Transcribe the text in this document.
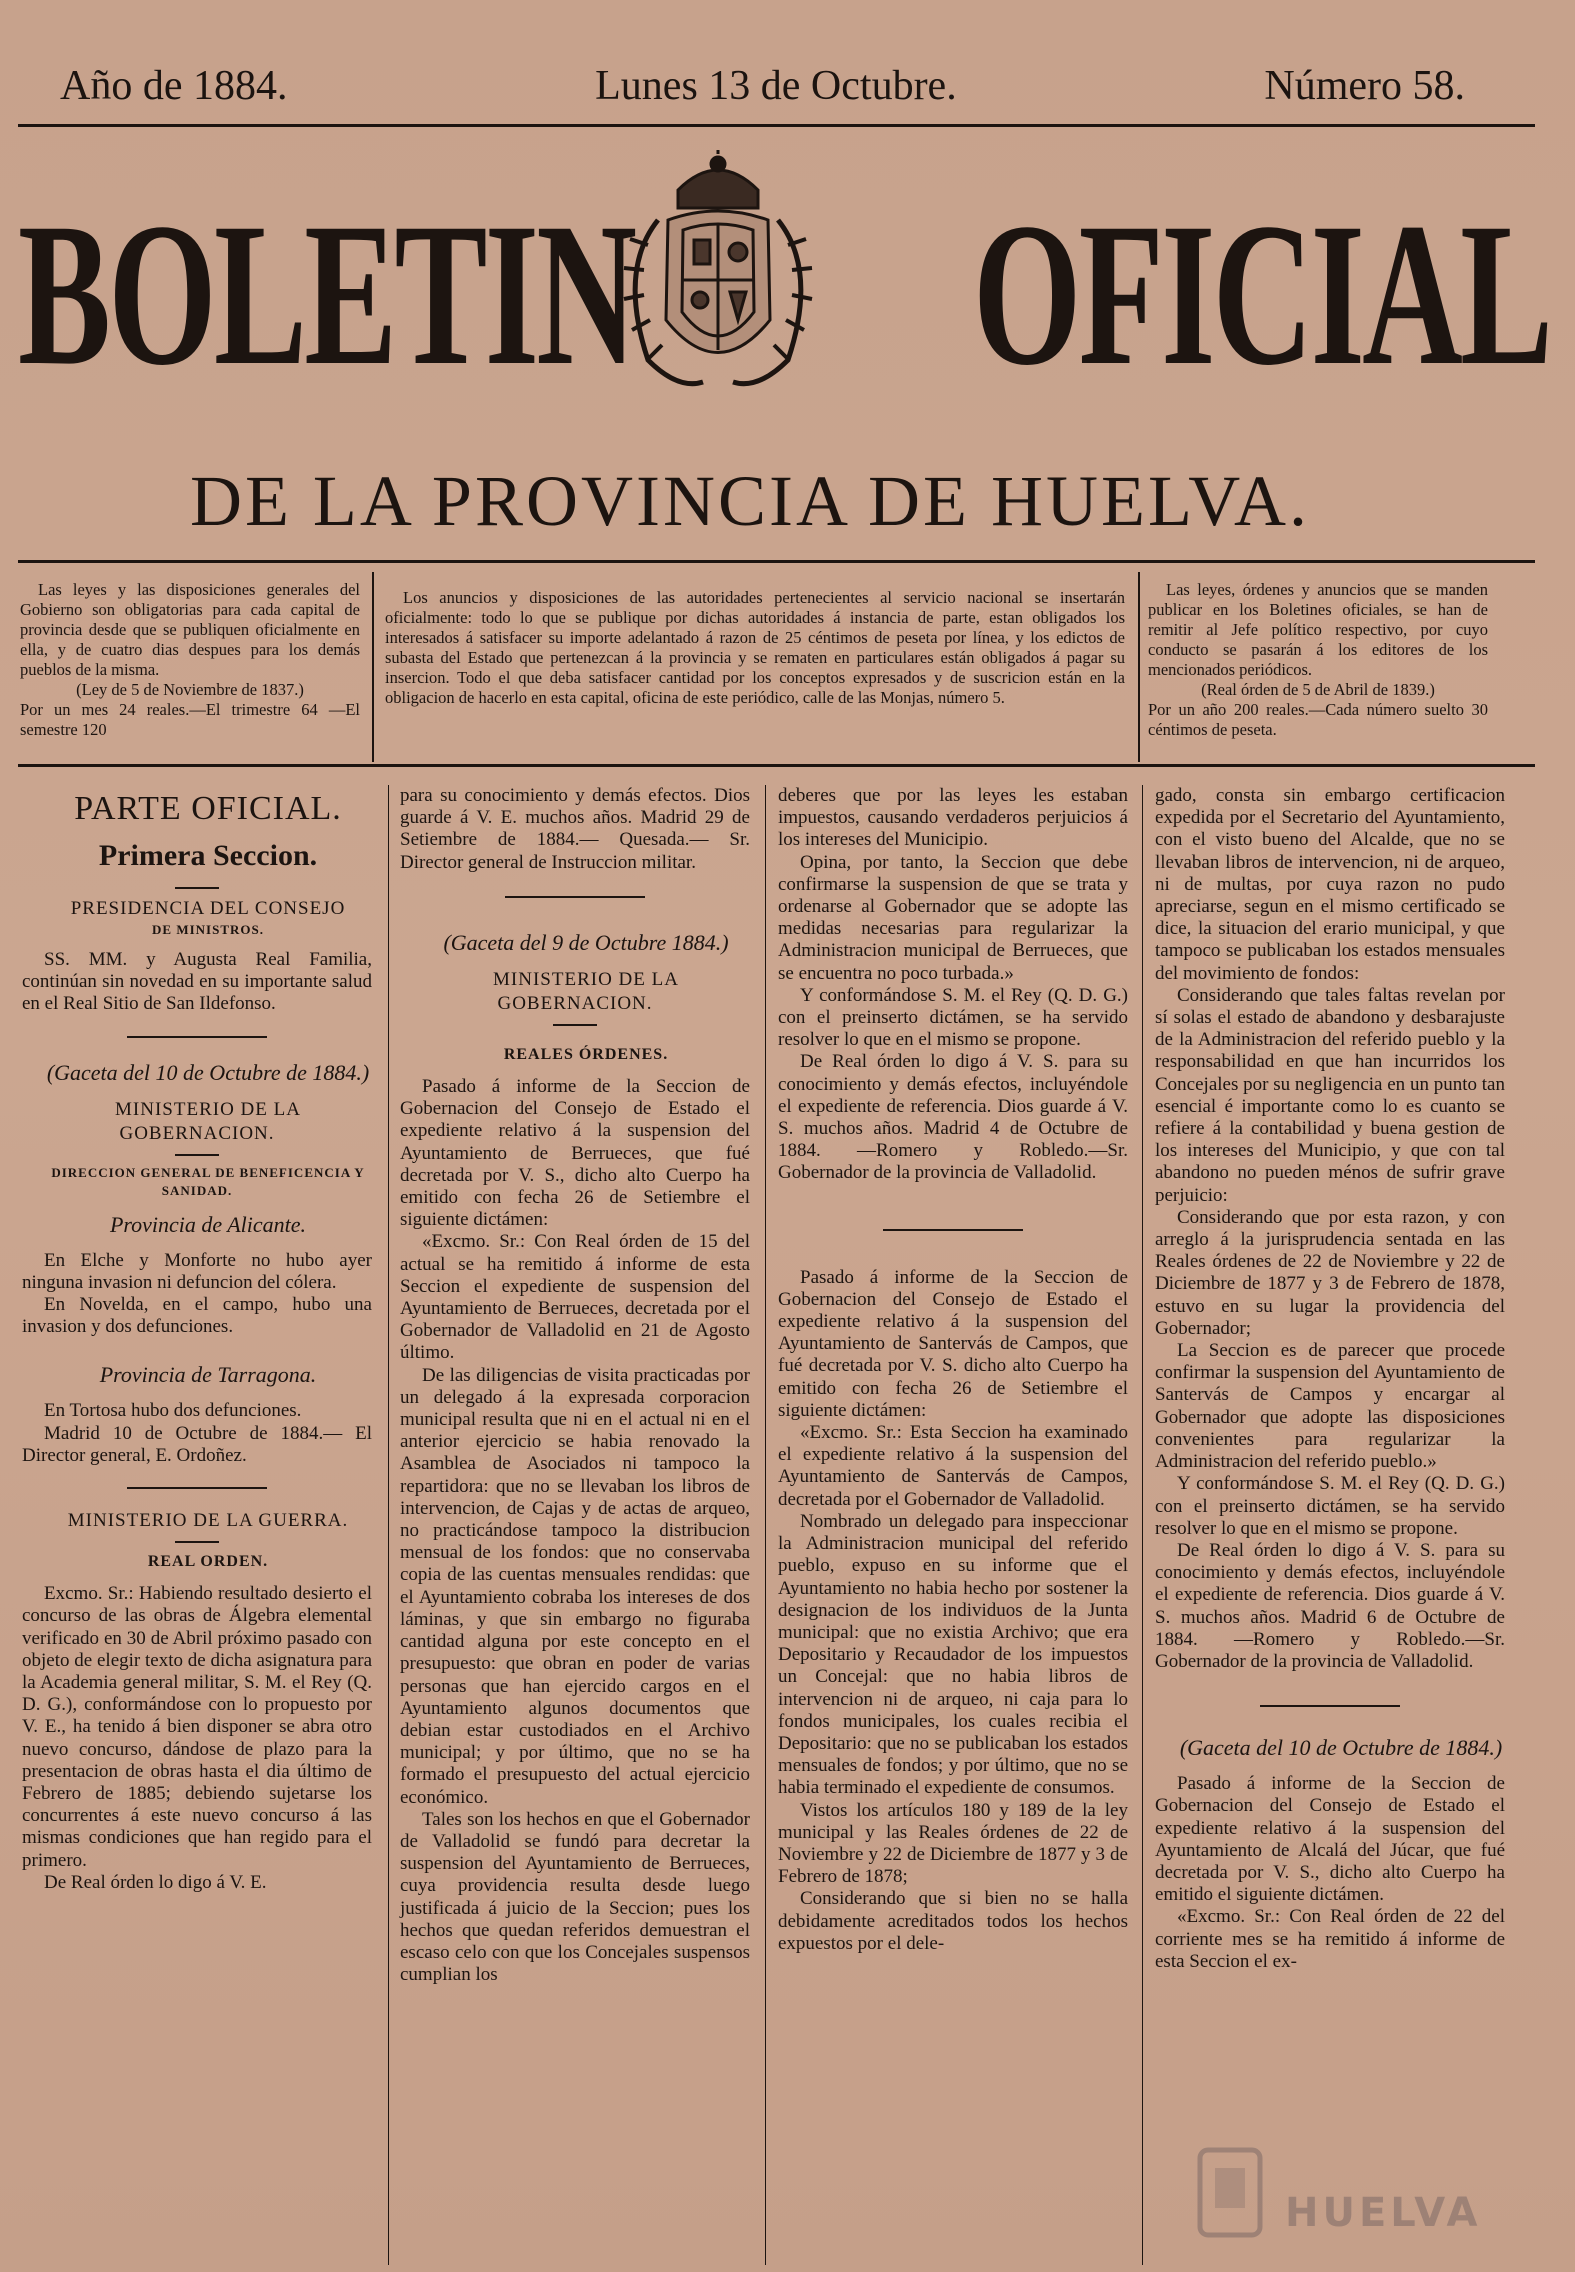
Año de 1884.	Lunes 13 de Octubre.	Número 58.
BOLETIN OFICIAL
DE LA PROVINCIA DE HUELVA.

Las leyes y las disposiciones generales del Gobierno son obligatorias para cada capital de provincia desde que se publiquen oficialmente en ella, y de cuatro dias despues para los demás pueblos de la misma.

(Ley de 5 de Noviembre de 1837.)

Por un mes 24 reales.—El trimestre 64 —El semestre 120

Los anuncios y disposiciones de las autoridades pertenecientes al servicio nacional se insertarán oficialmente: todo lo que se publique por dichas autoridades á instancia de parte, estan obligados los interesados á satisfacer su importe adelantado á razon de 25 céntimos de peseta por línea, y los edictos de subasta del Estado que pertenezcan á la provincia y se rematen en particulares están obligados á pagar su insercion. Todo el que deba satisfacer cantidad por los conceptos expresados y de suscricion están en la obligacion de hacerlo en esta capital, oficina de este periódico, calle de las Monjas, número 5.

Las leyes, órdenes y anuncios que se manden publicar en los Boletines oficiales, se han de remitir al Jefe político respectivo, por cuyo conducto se pasarán á los editores de los mencionados periódicos.

(Real órden de 5 de Abril de 1839.)

Por un año 200 reales.—Cada número suelto 30 céntimos de peseta.

PARTE OFICIAL.

Primera Seccion.

PRESIDENCIA DEL CONSEJO

DE MINISTROS.

SS. MM. y Augusta Real Familia, continúan sin novedad en su importante salud en el Real Sitio de San Ildefonso.

(Gaceta del 10 de Octubre de 1884.)

MINISTERIO DE LA GOBERNACION.

DIRECCION GENERAL DE BENEFICENCIA Y SANIDAD.

Provincia de Alicante.

En Elche y Monforte no hubo ayer ninguna invasion ni defuncion del cólera.

En Novelda, en el campo, hubo una invasion y dos defunciones.

Provincia de Tarragona.

En Tortosa hubo dos defunciones.

Madrid 10 de Octubre de 1884.— El Director general, E. Ordoñez.

MINISTERIO DE LA GUERRA.

REAL ORDEN.

Excmo. Sr.: Habiendo resultado desierto el concurso de las obras de Álgebra elemental verificado en 30 de Abril próximo pasado con objeto de elegir texto de dicha asignatura para la Academia general militar, S. M. el Rey (Q. D. G.), conformándose con lo propuesto por V. E., ha tenido á bien disponer se abra otro nuevo concurso, dándose de plazo para la presentacion de obras hasta el dia último de Febrero de 1885; debiendo sujetarse los concurrentes á este nuevo concurso á las mismas condiciones que han regido para el primero.

De Real órden lo digo á V. E.

para su conocimiento y demás efectos. Dios guarde á V. E. muchos años. Madrid 29 de Setiembre de 1884.— Quesada.— Sr. Director general de Instruccion militar.

(Gaceta del 9 de Octubre 1884.)

MINISTERIO DE LA GOBERNACION.

REALES ÓRDENES.

Pasado á informe de la Seccion de Gobernacion del Consejo de Estado el expediente relativo á la suspension del Ayuntamiento de Berrueces, que fué decretada por V. S., dicho alto Cuerpo ha emitido con fecha 26 de Setiembre el siguiente dictámen:

«Excmo. Sr.: Con Real órden de 15 del actual se ha remitido á informe de esta Seccion el expediente de suspension del Ayuntamiento de Berrueces, decretada por el Gobernador de Valladolid en 21 de Agosto último.

De las diligencias de visita practicadas por un delegado á la expresada corporacion municipal resulta que ni en el actual ni en el anterior ejercicio se habia renovado la Asamblea de Asociados ni tampoco la repartidora: que no se llevaban los libros de intervencion, de Cajas y de actas de arqueo, no practicándose tampoco la distribucion mensual de los fondos: que no conservaba copia de las cuentas mensuales rendidas: que el Ayuntamiento cobraba los intereses de dos láminas, y que sin embargo no figuraba cantidad alguna por este concepto en el presupuesto: que obran en poder de varias personas que han ejercido cargos en el Ayuntamiento algunos documentos que debian estar custodiados en el Archivo municipal; y por último, que no se ha formado el presupuesto del actual ejercicio económico.

Tales son los hechos en que el Gobernador de Valladolid se fundó para decretar la suspension del Ayuntamiento de Berrueces, cuya providencia resulta desde luego justificada á juicio de la Seccion; pues los hechos que quedan referidos demuestran el escaso celo con que los Concejales suspensos cumplian los

deberes que por las leyes les estaban impuestos, causando verdaderos perjuicios á los intereses del Municipio.

Opina, por tanto, la Seccion que debe confirmarse la suspension de que se trata y ordenarse al Gobernador que se adopte las medidas necesarias para regularizar la Administracion municipal de Berrueces, que se encuentra no poco turbada.»

Y conformándose S. M. el Rey (Q. D. G.) con el preinserto dictámen, se ha servido resolver lo que en el mismo se propone.

De Real órden lo digo á V. S. para su conocimiento y demás efectos, incluyéndole el expediente de referencia. Dios guarde á V. S. muchos años. Madrid 4 de Octubre de 1884. —Romero y Robledo.—Sr. Gobernador de la provincia de Valladolid.

Pasado á informe de la Seccion de Gobernacion del Consejo de Estado el expediente relativo á la suspension del Ayuntamiento de Santervás de Campos, que fué decretada por V. S. dicho alto Cuerpo ha emitido con fecha 26 de Setiembre el siguiente dictámen:

«Excmo. Sr.: Esta Seccion ha examinado el expediente relativo á la suspension del Ayuntamiento de Santervás de Campos, decretada por el Gobernador de Valladolid.

Nombrado un delegado para inspeccionar la Administracion municipal del referido pueblo, expuso en su informe que el Ayuntamiento no habia hecho por sostener la designacion de los individuos de la Junta municipal: que no existia Archivo; que era Depositario y Recaudador de los impuestos un Concejal: que no habia libros de intervencion ni de arqueo, ni caja para lo fondos municipales, los cuales recibia el Depositario: que no se publicaban los estados mensuales de fondos; y por último, que no se habia terminado el expediente de consumos.

Vistos los artículos 180 y 189 de la ley municipal y las Reales órdenes de 22 de Noviembre y 22 de Diciembre de 1877 y 3 de Febrero de 1878;

Considerando que si bien no se halla debidamente acreditados todos los hechos expuestos por el dele-

gado, consta sin embargo certificacion expedida por el Secretario del Ayuntamiento, con el visto bueno del Alcalde, que no se llevaban libros de intervencion, ni de arqueo, ni de multas, por cuya razon no pudo apreciarse, segun en el mismo certificado se dice, la situacion del erario municipal, y que tampoco se publicaban los estados mensuales del movimiento de fondos:

Considerando que tales faltas revelan por sí solas el estado de abandono y desbarajuste de la Administracion del referido pueblo y la responsabilidad en que han incurridos los Concejales por su negligencia en un punto tan esencial é importante como lo es cuanto se refiere á la contabilidad y buena gestion de los intereses del Municipio, y que con tal abandono no pueden ménos de sufrir grave perjuicio:

Considerando que por esta razon, y con arreglo á la jurisprudencia sentada en las Reales órdenes de 22 de Noviembre y 22 de Diciembre de 1877 y 3 de Febrero de 1878, estuvo en su lugar la providencia del Gobernador;

La Seccion es de parecer que procede confirmar la suspension del Ayuntamiento de Santervás de Campos y encargar al Gobernador que adopte las disposiciones convenientes para regularizar la Administracion del referido pueblo.»

Y conformándose S. M. el Rey (Q. D. G.) con el preinserto dictámen, se ha servido resolver lo que en el mismo se propone.

De Real órden lo digo á V. S. para su conocimiento y demás efectos, incluyéndole el expediente de referencia. Dios guarde á V. S. muchos años. Madrid 6 de Octubre de 1884. —Romero y Robledo.—Sr. Gobernador de la provincia de Valladolid.

(Gaceta del 10 de Octubre de 1884.)

Pasado á informe de la Seccion de Gobernacion del Consejo de Estado el expediente relativo á la suspension del Ayuntamiento de Alcalá del Júcar, que fué decretada por V. S., dicho alto Cuerpo ha emitido el siguiente dictámen.

«Excmo. Sr.: Con Real órden de 22 del corriente mes se ha remitido á informe de esta Seccion el ex-

HUELVA
